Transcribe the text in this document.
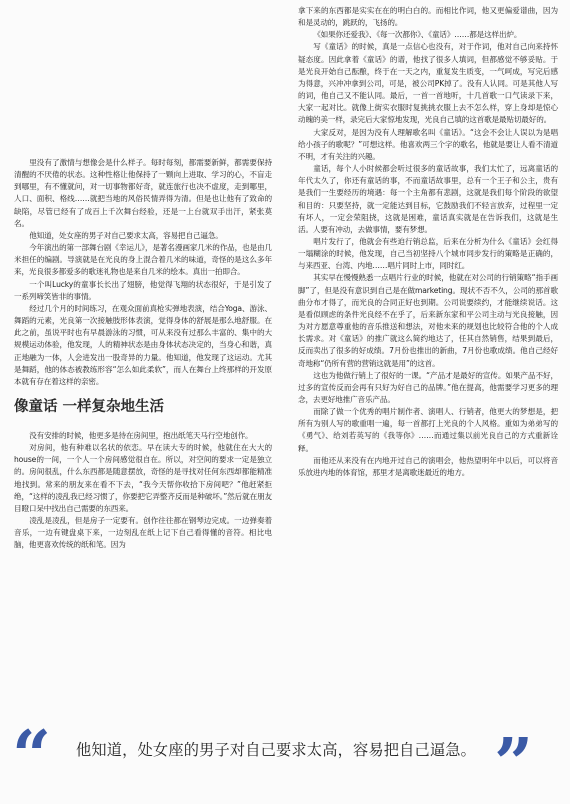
里没有了激情与想像会是什么样子。每时每刻，都需要新鲜，都需要保持清醒的不厌倦的状态。这种性格让他保持了一颗向上进取、学习的心，不盲走到哪里，有不懂就问，对一切事物都好奇，就连旅行也决不虚度，走到哪里，人口、面积、格线……就把当地的风俗民情弄得为清。但是也让他有了致命的缺陷，尽管已经有了成百上千次舞台经验，还是一上台就双手出汗，紧张莫名。

他知道，处女座的男子对自己要求太高，容易把自己逼急。

今年演出的第一部舞台剧《幸运儿》，是著名漫画家几米的作品，也是由几米担任的编剧。导演就是在光良的身上混合着几米的味道，奇怪的是这么多年来，光良很多都爱多的歌迷礼物也是来自几米的绘本。真出一拍即合。

一个叫Lucky的童事长长出了翅膀，他觉得飞翔的状态很好，于是引发了一系列啼笑皆非的事情。

经过几个月的时间练习，在观众面前真枪实弹地表演，结合Yoga、游泳、舞蹈的元素，光良第一次接触肢形体表演，觉得身体的舒展是那么地舒服。在此之前，虽说平时也有早晨游泳的习惯，可从来没有过那么丰富的、集中的大规模运动体验，他发现，人的精神状态是由身体状态决定的，当身心和谐，真正地融为一体，人会进发出一股奇异的力量。他知道，他发现了这运动。尤其是舞蹈，他的体态被教练形容“怎么如此柔软”，而人在舞台上终那样的开发原本就有存在着这样的亲密。

像童话 一样复杂地生活

没有安排的时候，他更多是待在房间里，抱出纸笔天马行空地创作。

对房间，他有种难以名状的依恋。早在读大专的时候，他就住在大大的house的一间，一个人一个房间感觉很自在。所以，对空间的要求一定是独立的。房间很乱，什么东西都是随意摆放，奇怪的是寻找对任何东西却都能精准地找到。常来的朋友来在看不下去，“我今天帮你收拾下房间吧？”他赶紧拒绝，“这样的凌乱我已经习惯了，你要把它弄整齐反而是种破坏。”然后就在朋友目瞪口呆中找出自己需要的东西来。

凌乱是凌乱，但是房子一定要有。创作往往都在钢琴边完成。一边弹奏着音乐，一边有键盘桌下来，一边刻乱在纸上记下自己看得懂的音符。相比电脑，他更喜欢传统的纸和笔。因为

拿下来的东西都是实实在在的明白白的。而相比作词，他又更偏爱谱曲，因为和是灵动的，跳跃的，飞扬的。

《如果你还爱我》、《每一次都你》、《童话》……都是这样出炉。

写《童话》的时候，真是一点信心也没有，对于作词，他对自己向来持怀疑态度。因此拿着《童话》的谱，他找了很多人填词，但都感觉不够妥贴。于是光良开始自己酝酿，终于在一天之内，重复发生质变，一气呵成，写完后感为得意，兴冲冲拿到公司，可是，被公司PK掉了。没有人认同。可是其他人写的词，他自己又不能认同。最后，一首一首地听，十几首歌一口气读录下来，大家一起对比。就像上街实衣服时复挑挑衣服上去不怎么样，穿上身却是惊心动魄的美一样，录完后大家惊地发现，光良自己填的这首歌是最贴切最好的。

大家反对，是因为没有人理解歌名叫《童话》。“这会不会让人误以为是唱给小孩子的歌呢？”可想这样。他喜欢两三个字的歌名，他就是要让人看不清道不明，才有关注的兴趣。

童话，每个人小时候都会听过很多的童话故事，我们太忙了，远离童话的年代太久了，你还有童话的事，不而童话故事里，总有一个王子和公主，贵有是我们一生要经历的境遇：每一个主角都有悲剧，这就是我们每个阶段的欲望和目的：只要坚持，就一定能达到目标，它鼓励我们不轻言放弃，过程里一定有坏人，一定会荣阻挠，这就是困难，童话真实就是在告诉我们，这就是生活。人要有冲动，去做事情，要有梦想。

唱片发行了，他就会有些迫行销总监，后来在分析为什么《童话》会红得一塌糊涂的时候，他发现，自己当初坚持八个城市同步发行的策略是正确的，与来西亚、台湾、内地……唱片同时上市，同时红。

其实早在慢慢熟悉一点唱片行业的时候，他就在对公司的行销策略“指手画脚”了，但是没有意识到自己是在做marketing。现状不否不久，公司的那首歌曲分布才得了，而光良的合同正好也到期。公司说要续约，才能继续说话。这是看似顾虑的条件光良经不在乎了，后来新东家和平公司主动与光良接触，因为对方愿意尊重他的音乐推送和想法，对他未来的规划也比较符合他的个人成长需求。对《童话》的推广就这么简约地达了，任其自然销售，结果到最后，反而卖出了很多的好成绩。7月份也推出的新曲，7月份也歌成绩。他自己经好奇地称“仍所有营的营销这就是用”的这首。

这也为他做行销上了很好的一课。“产品才是最好的宣传。如果产品不好，过多的宣传反而会再有只好为好自己的品牌。”他在提高，他需要学习更多的理念，去更好地推广音乐产品。

而除了做一个优秀的唱片制作者、演唱人、行销者，他更大的梦想是，把所有为别人写的歌重唱一遍，每一首都打上光良的个人风格。重如为弟弟写的《勇气》、给刘若英写的《我等你》……而通过集以前光良自己的方式重新诠释。

而他还从来没有在内地开过自己的演唱会，他热望明年中以后，可以将音乐放进内地的体育馆，那里才是离歌迷最近的地方。

“ 他知道，处女座的男子对自己要求太高，容易把自己逼急。 ”
